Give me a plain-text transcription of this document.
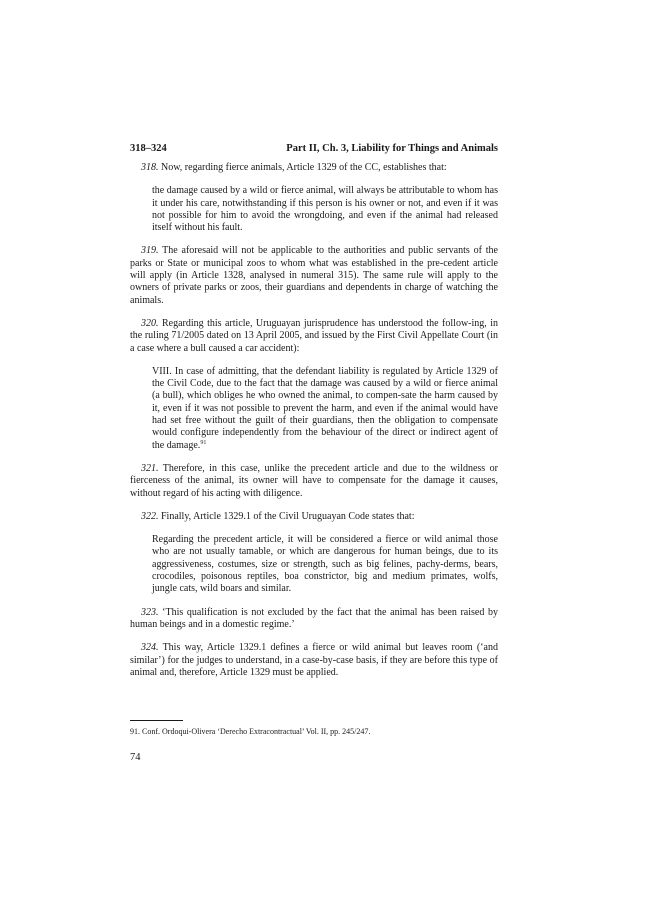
318–324	Part II, Ch. 3, Liability for Things and Animals

318. Now, regarding fierce animals, Article 1329 of the CC, establishes that:

the damage caused by a wild or fierce animal, will always be attributable to whom has it under his care, notwithstanding if this person is his owner or not, and even if it was not possible for him to avoid the wrongdoing, and even if the animal had released itself without his fault.

319. The aforesaid will not be applicable to the authorities and public servants of the parks or State or municipal zoos to whom what was established in the pre-cedent article will apply (in Article 1328, analysed in numeral 315). The same rule will apply to the owners of private parks or zoos, their guardians and dependents in charge of watching the animals.

320. Regarding this article, Uruguayan jurisprudence has understood the follow-ing, in the ruling 71/2005 dated on 13 April 2005, and issued by the First Civil Appellate Court (in a case where a bull caused a car accident):

VIII. In case of admitting, that the defendant liability is regulated by Article 1329 of the Civil Code, due to the fact that the damage was caused by a wild or fierce animal (a bull), which obliges he who owned the animal, to compen-sate the harm caused by it, even if it was not possible to prevent the harm, and even if the animal would have had set free without the guilt of their guardians, then the obligation to compensate would configure independently from the behaviour of the direct or indirect agent of the damage.$^{91}$

321. Therefore, in this case, unlike the precedent article and due to the wildness or fierceness of the animal, its owner will have to compensate for the damage it causes, without regard of his acting with diligence.

322. Finally, Article 1329.1 of the Civil Uruguayan Code states that:

Regarding the precedent article, it will be considered a fierce or wild animal those who are not usually tamable, or which are dangerous for human beings, due to its aggressiveness, costumes, size or strength, such as big felines, pachy-derms, bears, crocodiles, poisonous reptiles, boa constrictor, big and medium primates, wolfs, jungle cats, wild boars and similar.

323. ‘This qualification is not excluded by the fact that the animal has been raised by human beings and in a domestic regime.’

324. This way, Article 1329.1 defines a fierce or wild animal but leaves room (‘and similar’) for the judges to understand, in a case-by-case basis, if they are before this type of animal and, therefore, Article 1329 must be applied.

91. Conf. Ordoqui-Olivera ‘Derecho Extracontractual’ Vol. II, pp. 245/247.
74
